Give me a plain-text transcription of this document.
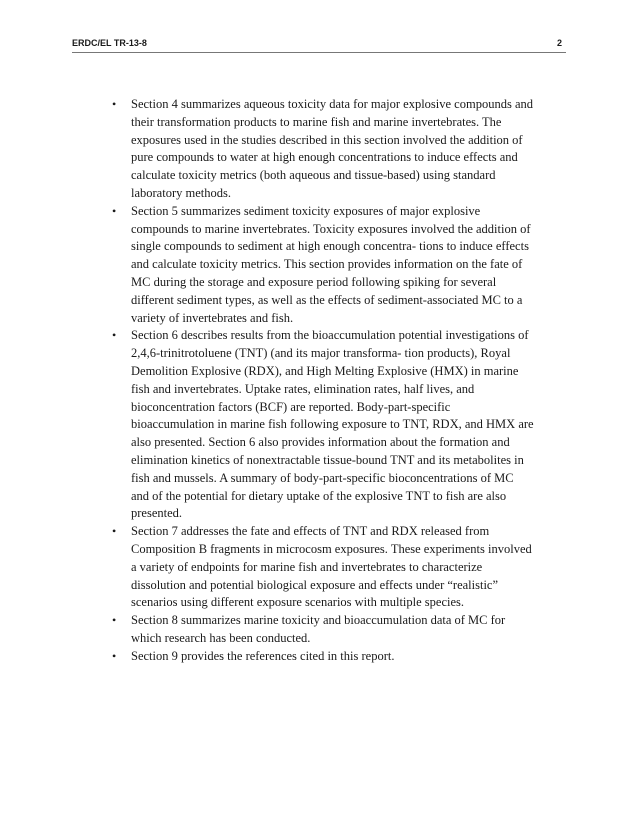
ERDC/EL TR-13-8	2
• Section 4 summarizes aqueous toxicity data for major explosive compounds and their transformation products to marine fish and marine invertebrates. The exposures used in the studies described in this section involved the addition of pure compounds to water at high enough concentrations to induce effects and calculate toxicity metrics (both aqueous and tissue-based) using standard laboratory methods.
• Section 5 summarizes sediment toxicity exposures of major explosive compounds to marine invertebrates. Toxicity exposures involved the addition of single compounds to sediment at high enough concentra- tions to induce effects and calculate toxicity metrics. This section provides information on the fate of MC during the storage and exposure period following spiking for several different sediment types, as well as the effects of sediment-associated MC to a variety of invertebrates and fish.
• Section 6 describes results from the bioaccumulation potential investigations of 2,4,6-trinitrotoluene (TNT) (and its major transforma- tion products), Royal Demolition Explosive (RDX), and High Melting Explosive (HMX) in marine fish and invertebrates. Uptake rates, elimination rates, half lives, and bioconcentration factors (BCF) are reported. Body-part-specific bioaccumulation in marine fish following exposure to TNT, RDX, and HMX are also presented. Section 6 also provides information about the formation and elimination kinetics of nonextractable tissue-bound TNT and its metabolites in fish and mussels. A summary of body-part-specific bioconcentrations of MC and of the potential for dietary uptake of the explosive TNT to fish are also presented.
• Section 7 addresses the fate and effects of TNT and RDX released from Composition B fragments in microcosm exposures. These experiments involved a variety of endpoints for marine fish and invertebrates to characterize dissolution and potential biological exposure and effects under “realistic” scenarios using different exposure scenarios with multiple species.
• Section 8 summarizes marine toxicity and bioaccumulation data of MC for which research has been conducted.
• Section 9 provides the references cited in this report.
